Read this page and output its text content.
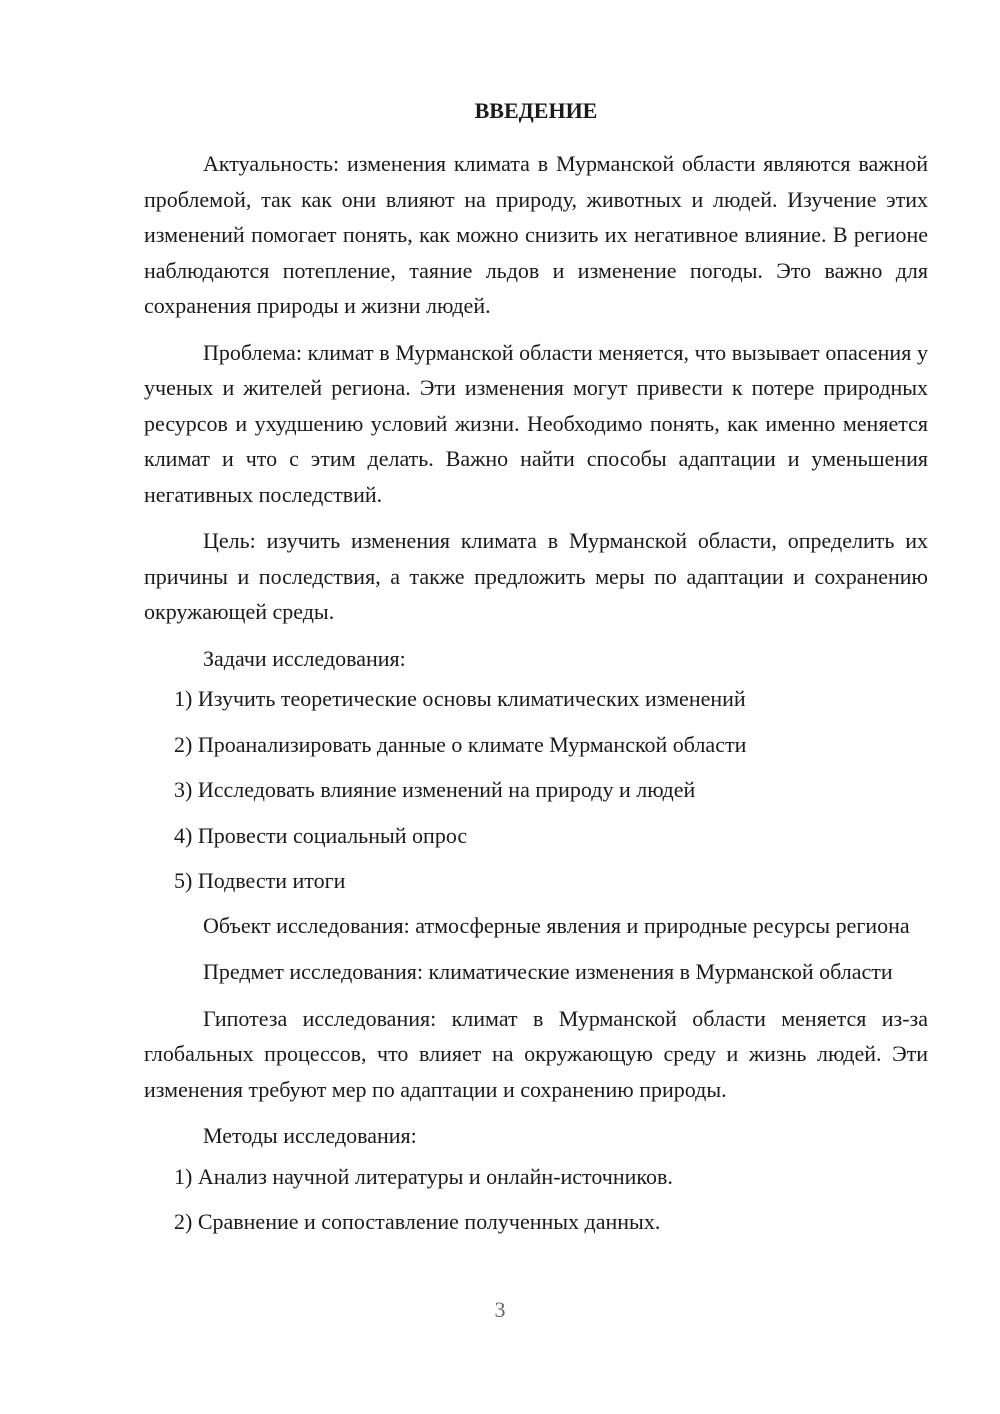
ВВЕДЕНИЕ

Актуальность: изменения климата в Мурманской области являются важной проблемой, так как они влияют на природу, животных и людей. Изучение этих изменений помогает понять, как можно снизить их негативное влияние. В регионе наблюдаются потепление, таяние льдов и изменение погоды. Это важно для сохранения природы и жизни людей.

Проблема: климат в Мурманской области меняется, что вызывает опасения у ученых и жителей региона. Эти изменения могут привести к потере природных ресурсов и ухудшению условий жизни. Необходимо понять, как именно меняется климат и что с этим делать. Важно найти способы адаптации и уменьшения негативных последствий.

Цель: изучить изменения климата в Мурманской области, определить их причины и последствия, а также предложить меры по адаптации и сохранению окружающей среды.

Задачи исследования:

1) Изучить теоретические основы климатических изменений

2) Проанализировать данные о климате Мурманской области

3) Исследовать влияние изменений на природу и людей

4) Провести социальный опрос

5) Подвести итоги

Объект исследования: атмосферные явления и природные ресурсы региона

Предмет исследования: климатические изменения в Мурманской области

Гипотеза исследования: климат в Мурманской области меняется из-за глобальных процессов, что влияет на окружающую среду и жизнь людей. Эти изменения требуют мер по адаптации и сохранению природы.

Методы исследования:

1) Анализ научной литературы и онлайн-источников.

2) Сравнение и сопоставление полученных данных.

3
